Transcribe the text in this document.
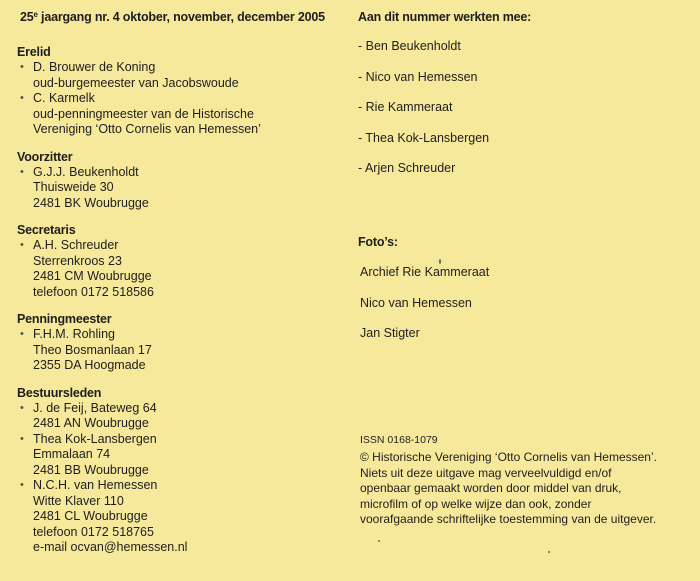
25e jaargang nr. 4 oktober, november, december 2005
Erelid
• D. Brouwer de Koning
oud-burgemeester van Jacobswoude
• C. Karmelk
oud-penningmeester van de Historische
Vereniging ‘Otto Cornelis van Hemessen’
Voorzitter
• G.J.J. Beukenholdt
Thuisweide 30
2481 BK Woubrugge
Secretaris
• A.H. Schreuder
Sterrenkroos 23
2481 CM Woubrugge
telefoon 0172 518586
Penningmeester
• F.H.M. Rohling
Theo Bosmanlaan 17
2355 DA Hoogmade
Bestuursleden
• J. de Feij, Bateweg 64
2481 AN Woubrugge
• Thea Kok-Lansbergen
Emmalaan 74
2481 BB Woubrugge
• N.C.H. van Hemessen
Witte Klaver 110
2481 CL Woubrugge
telefoon 0172 518765
e-mail ocvan@hemessen.nl
Aan dit nummer werkten mee:
- Ben Beukenholdt
- Nico van Hemessen
- Rie Kammeraat
- Thea Kok-Lansbergen
- Arjen Schreuder
Foto’s:
Archief Rie Kammeraat
Nico van Hemessen
Jan Stigter
ISSN 0168-1079
© Historische Vereniging ‘Otto Cornelis van Hemessen’.
Niets uit deze uitgave mag verveelvuldigd en/of
openbaar gemaakt worden door middel van druk,
microfilm of op welke wijze dan ook, zonder
voorafgaande schriftelijke toestemming van de uitgever.
